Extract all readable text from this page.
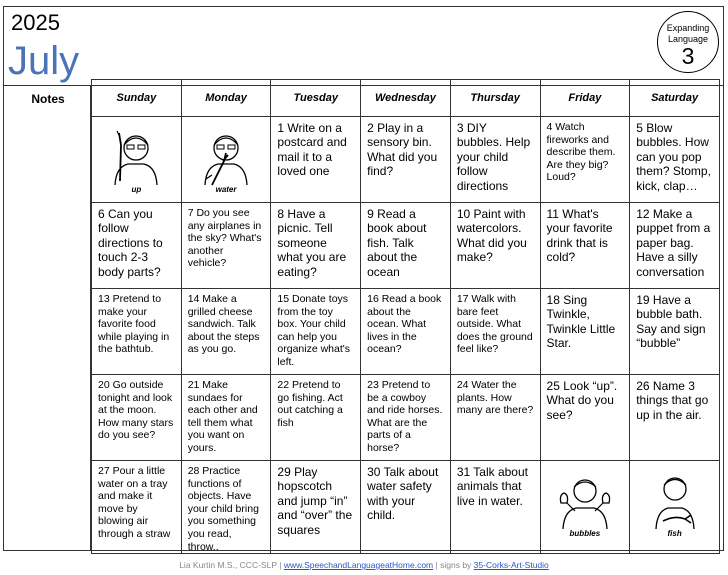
2025
July
Expanding Language
3
Notes	Sunday	Monday	Tuesday	Wednesday	Thursday	Friday	Saturday

up	water	1 Write on a postcard and mail it to a loved one	2 Play in a sensory bin. What did you find?	3 DIY bubbles. Help your child follow directions	4 Watch fireworks and describe them. Are they big? Loud?	5 Blow bubbles. How can you pop them? Stomp, kick, clap…
6 Can you follow directions to touch 2-3 body parts?	7 Do you see any airplanes in the sky? What's another vehicle?	8 Have a picnic. Tell someone what you are eating?	9 Read a book about fish. Talk about the ocean	10 Paint with watercolors. What did you make?	11 What's your favorite drink that is cold?	12 Make a puppet from a paper bag. Have a silly conversation
13 Pretend to make your favorite food while playing in the bathtub.	14 Make a grilled cheese sandwich. Talk about the steps as you go.	15 Donate toys from the toy box. Your child can help you organize what's left.	16 Read a book about the ocean. What lives in the ocean?	17 Walk with bare feet outside. What does the ground feel like?	18 Sing Twinkle, Twinkle Little Star.	19 Have a bubble bath. Say and sign “bubble”
20 Go outside tonight and look at the moon. How many stars do you see?	21 Make sundaes for each other and tell them what you want on yours.	22 Pretend to go fishing. Act out catching a fish	23 Pretend to be a cowboy and ride horses. What are the parts of a horse?	24 Water the plants. How many are there?	25 Look “up”. What do you see?	26 Name 3 things that go up in the air.
27 Pour a little water on a tray and make it move by blowing air through a straw	28 Practice functions of objects. Have your child bring you something you read, throw..	29 Play hopscotch and jump “in” and “over” the squares	30 Talk about water safety with your child.	31 Talk about animals that live in water.	bubbles	fish
Lia Kurtin M.S., CCC-SLP | www.SpeechandLanguageatHome.com | signs by 35-Corks-Art-Studio
